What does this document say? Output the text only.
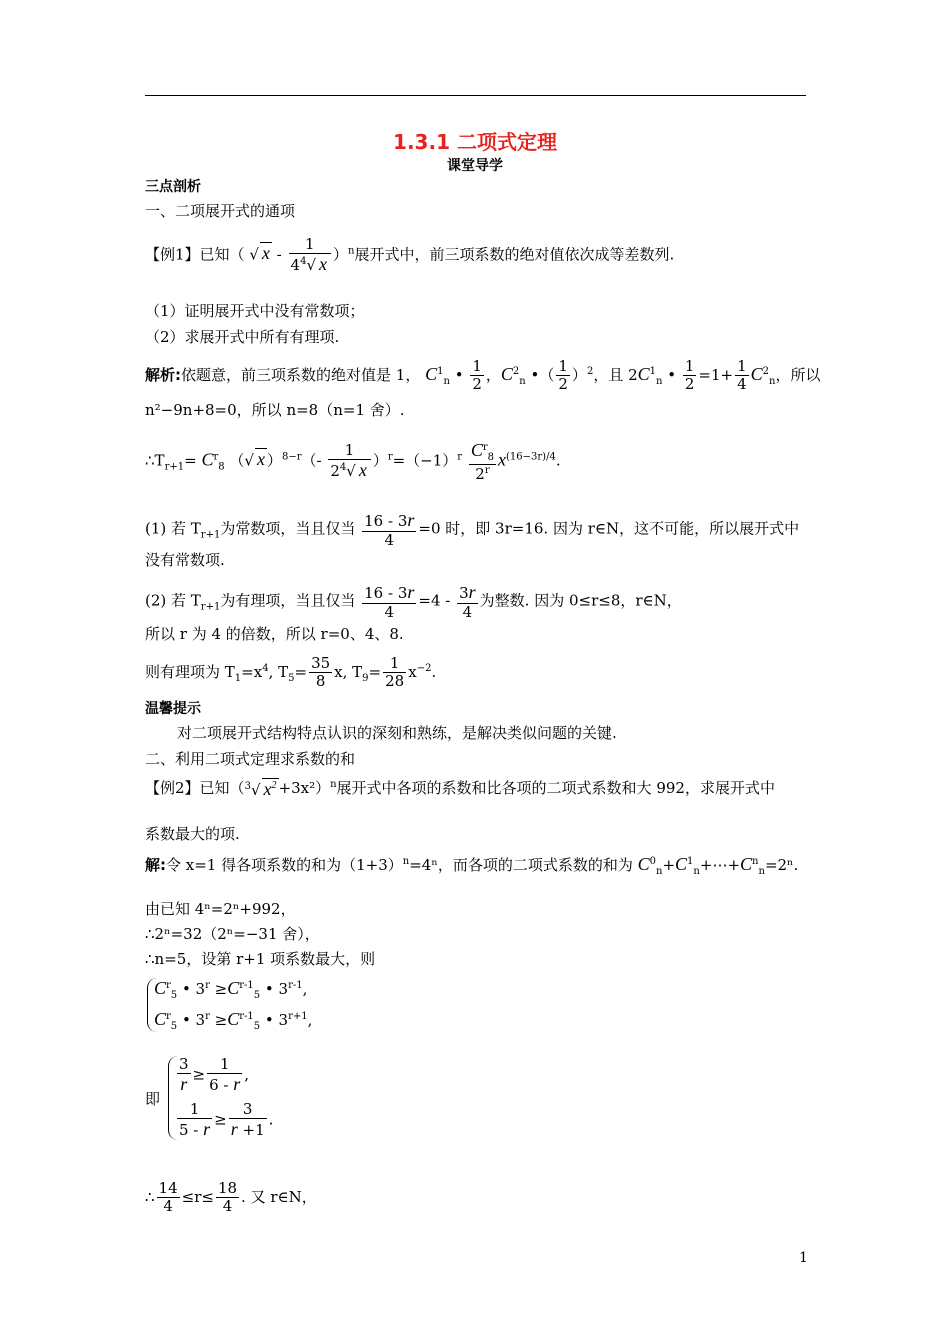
1.3.1 二项式定理
课堂导学
三点剖析
一、二项展开式的通项
【例1】已知（ √ x - $\frac{1}{4^4√ x} )^n$展开式中，前三项系数的绝对值依次成等差数列.
（1）证明展开式中没有常数项；
（2）求展开式中所有有理项.
解析:依题意，前三项系数的绝对值是 1， $C^1_n$ • $\frac{1}{2}$ ，$C^2_n$ •（ $\frac{1}{2} )^2$，且 $2C^1_n$ • $\frac{1}{2} =1+ \frac{1}{4} C^2_n$，所以
n²−9n+8=0，所以 n=8（n=1 舍）.
$\therefore T_{r+1}= C^r_8$ （√ x ）$^{8-r}(- \frac{1}{2^4√ x} )^r=(-1)^r \frac{C^r_8}{2^r} x^{(16-3r)/4}$.
(1) 若 $T_{r+1}$为常数项，当且仅当 $\frac{16 - 3r}{4} =0$ 时，即 3r=16. 因为 r∈N，这不可能，所以展开式中
没有常数项.
(2) 若 $T_{r+1}$为有理项，当且仅当 $\frac{16 - 3r}{4} =4 - \frac{3r}{4}$ 为整数. 因为 0≤r≤8，r∈N，
所以 r 为 4 的倍数，所以 r=0、4、8.
则有理项为 $T_1=x^4$, $T_5= \frac{35}{8} x$, $T_9= \frac{1}{28} x^{-2}$.
温馨提示
对二项展开式结构特点认识的深刻和熟练，是解决类似问题的关键.
二、利用二项式定理求系数的和
【例2】已知（$^3$√ $x^2 +3x^2)^n$展开式中各项的系数和比各项的二项式系数和大 992，求展开式中
系数最大的项.
解:令 x=1 得各项系数的和为$(1+3)^n=4^n$，而各项的二项式系数的和为 $C^0_n+C^1_n+\cdots+C^n_n=2^n$.
由已知 4ⁿ=2ⁿ+992，
∴2ⁿ=32（2ⁿ=−31 舍），
∴n=5，设第 r+1 项系数最大，则
$C^r_5$ • $3^r \ge C^{r-1}_5$ • 3$^{r-1}$,
$C^r_5$ • $3^r \ge C^{r-1}_5$ • $3^{r+1}$,
即
$\frac{3}{r} \ge \frac{1}{6 - r}$ ,
$\frac{1}{5 - r} \ge \frac{3}{r +1}$ .
∴ $\frac{14}{4} \le r\le \frac{18}{4}$ . 又 r∈N，
1
